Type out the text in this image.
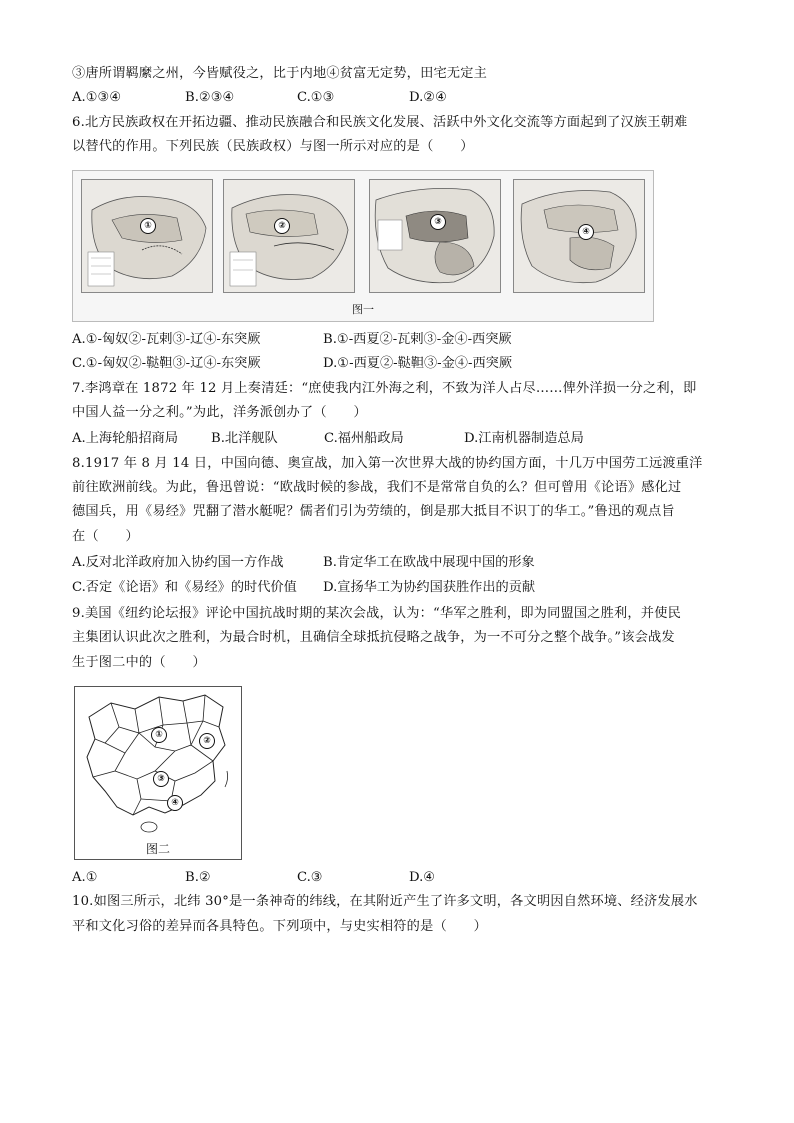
③唐所谓羁縻之州，今皆赋役之，比于内地④贫富无定势，田宅无定主
A.①③④	B.②③④	C.①③	D.②④
6.北方民族政权在开拓边疆、推动民族融合和民族文化发展、活跃中外文化交流等方面起到了汉族王朝难
以替代的作用。下列民族（民族政权）与图一所示对应的是（　　）
①	②	③
④
图一
A.①-匈奴②-瓦剌③-辽④-东突厥	B.①-西夏②-瓦剌③-金④-西突厥
C.①-匈奴②-鞑靼③-辽④-东突厥	D.①-西夏②-鞑靼③-金④-西突厥
7.李鸿章在 1872 年 12 月上奏清廷：“庶使我内江外海之利，不致为洋人占尽……俾外洋损一分之利，即
中国人益一分之利。”为此，洋务派创办了（　　）
A.上海轮船招商局 B.北洋舰队	C.福州船政局	D.江南机器制造总局
8.1917 年 8 月 14 日，中国向德、奥宣战，加入第一次世界大战的协约国方面，十几万中国劳工远渡重洋
前往欧洲前线。为此，鲁迅曾说：“欧战时候的参战，我们不是常常自负的么？但可曾用《论语》感化过
德国兵，用《易经》咒翻了潜水艇呢？儒者们引为劳绩的，倒是那大抵目不识丁的华工。”鲁迅的观点旨
在（　　）
A.反对北洋政府加入协约国一方作战	B.肯定华工在欧战中展现中国的形象
C.否定《论语》和《易经》的时代价值 D.宣扬华工为协约国获胜作出的贡献
9.美国《纽约论坛报》评论中国抗战时期的某次会战，认为：“华军之胜利，即为同盟国之胜利，并使民
主集团认识此次之胜利，为最合时机，且确信全球抵抗侵略之战争，为一不可分之整个战争。”该会战发
生于图二中的（　　）
①
②
③
④
图二
A.①	B.②	C.③	D.④
10.如图三所示，北纬 30°是一条神奇的纬线，在其附近产生了许多文明，各文明因自然环境、经济发展水
平和文化习俗的差异而各具特色。下列项中，与史实相符的是（　　）
